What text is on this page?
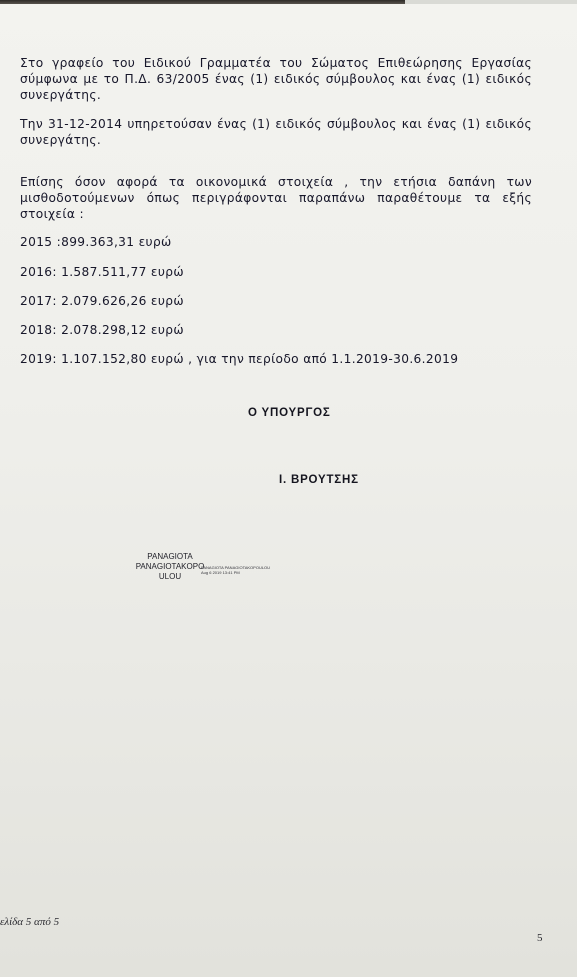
Στο γραφείο του Ειδικού Γραμματέα του Σώματος Επιθεώρησης Εργασίας σύμφωνα με το Π.Δ. 63/2005 ένας (1) ειδικός σύμβουλος και ένας (1) ειδικός συνεργάτης.

Την 31-12-2014 υπηρετούσαν ένας (1) ειδικός σύμβουλος και ένας (1) ειδικός συνεργάτης.

Επίσης όσον αφορά τα οικονομικά στοιχεία , την ετήσια δαπάνη των μισθοδοτούμενων όπως περιγράφονται παραπάνω παραθέτουμε τα εξής στοιχεία :

2015 :899.363,31 ευρώ

2016: 1.587.511,77 ευρώ

2017: 2.079.626,26 ευρώ

2018: 2.078.298,12 ευρώ

2019: 1.107.152,80 ευρώ , για την περίοδο από 1.1.2019-30.6.2019

Ο ΥΠΟΥΡΓΟΣ

Ι. ΒΡΟΥΤΣΗΣ

PANAGIOTA
PANAGIOTAKOPO
ULOU
PANAGIOTA PANAGIOTAKOPOULOU
Aug 6 2019 13:41 PM
ελίδα 5 από 5
5
